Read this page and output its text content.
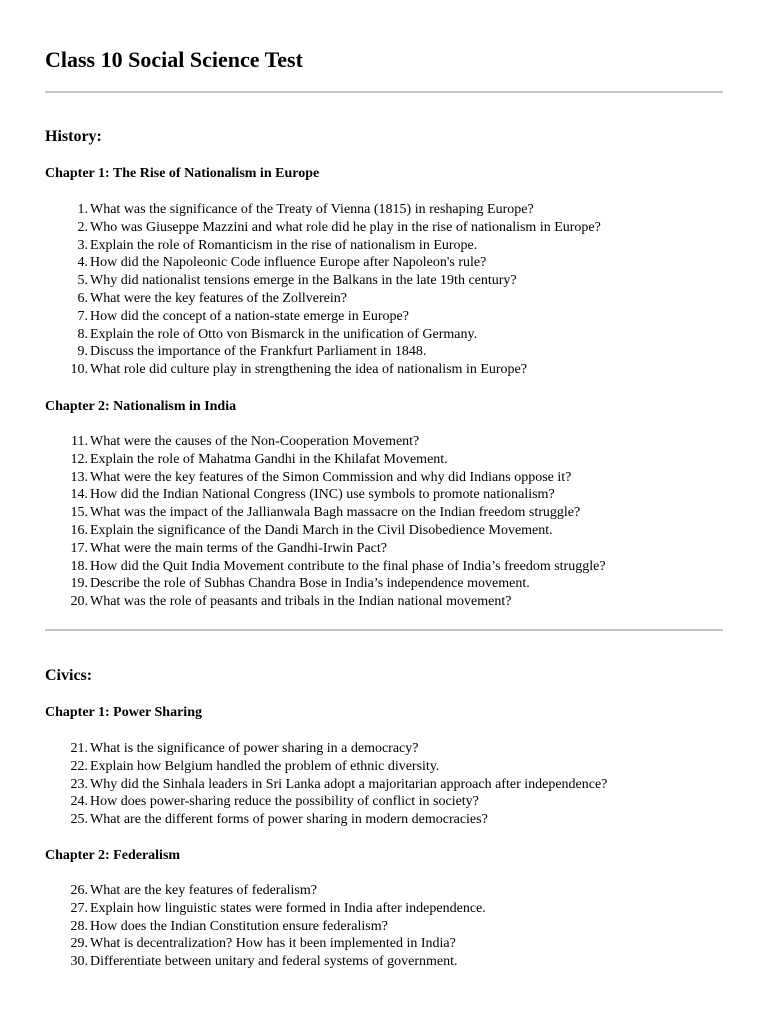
Class 10 Social Science Test
History:
Chapter 1: The Rise of Nationalism in Europe
1. What was the significance of the Treaty of Vienna (1815) in reshaping Europe?
2. Who was Giuseppe Mazzini and what role did he play in the rise of nationalism in Europe?
3. Explain the role of Romanticism in the rise of nationalism in Europe.
4. How did the Napoleonic Code influence Europe after Napoleon's rule?
5. Why did nationalist tensions emerge in the Balkans in the late 19th century?
6. What were the key features of the Zollverein?
7. How did the concept of a nation-state emerge in Europe?
8. Explain the role of Otto von Bismarck in the unification of Germany.
9. Discuss the importance of the Frankfurt Parliament in 1848.
10. What role did culture play in strengthening the idea of nationalism in Europe?
Chapter 2: Nationalism in India
11. What were the causes of the Non-Cooperation Movement?
12. Explain the role of Mahatma Gandhi in the Khilafat Movement.
13. What were the key features of the Simon Commission and why did Indians oppose it?
14. How did the Indian National Congress (INC) use symbols to promote nationalism?
15. What was the impact of the Jallianwala Bagh massacre on the Indian freedom struggle?
16. Explain the significance of the Dandi March in the Civil Disobedience Movement.
17. What were the main terms of the Gandhi-Irwin Pact?
18. How did the Quit India Movement contribute to the final phase of India’s freedom struggle?
19. Describe the role of Subhas Chandra Bose in India’s independence movement.
20. What was the role of peasants and tribals in the Indian national movement?
Civics:
Chapter 1: Power Sharing
21. What is the significance of power sharing in a democracy?
22. Explain how Belgium handled the problem of ethnic diversity.
23. Why did the Sinhala leaders in Sri Lanka adopt a majoritarian approach after independence?
24. How does power-sharing reduce the possibility of conflict in society?
25. What are the different forms of power sharing in modern democracies?
Chapter 2: Federalism
26. What are the key features of federalism?
27. Explain how linguistic states were formed in India after independence.
28. How does the Indian Constitution ensure federalism?
29. What is decentralization? How has it been implemented in India?
30. Differentiate between unitary and federal systems of government.
